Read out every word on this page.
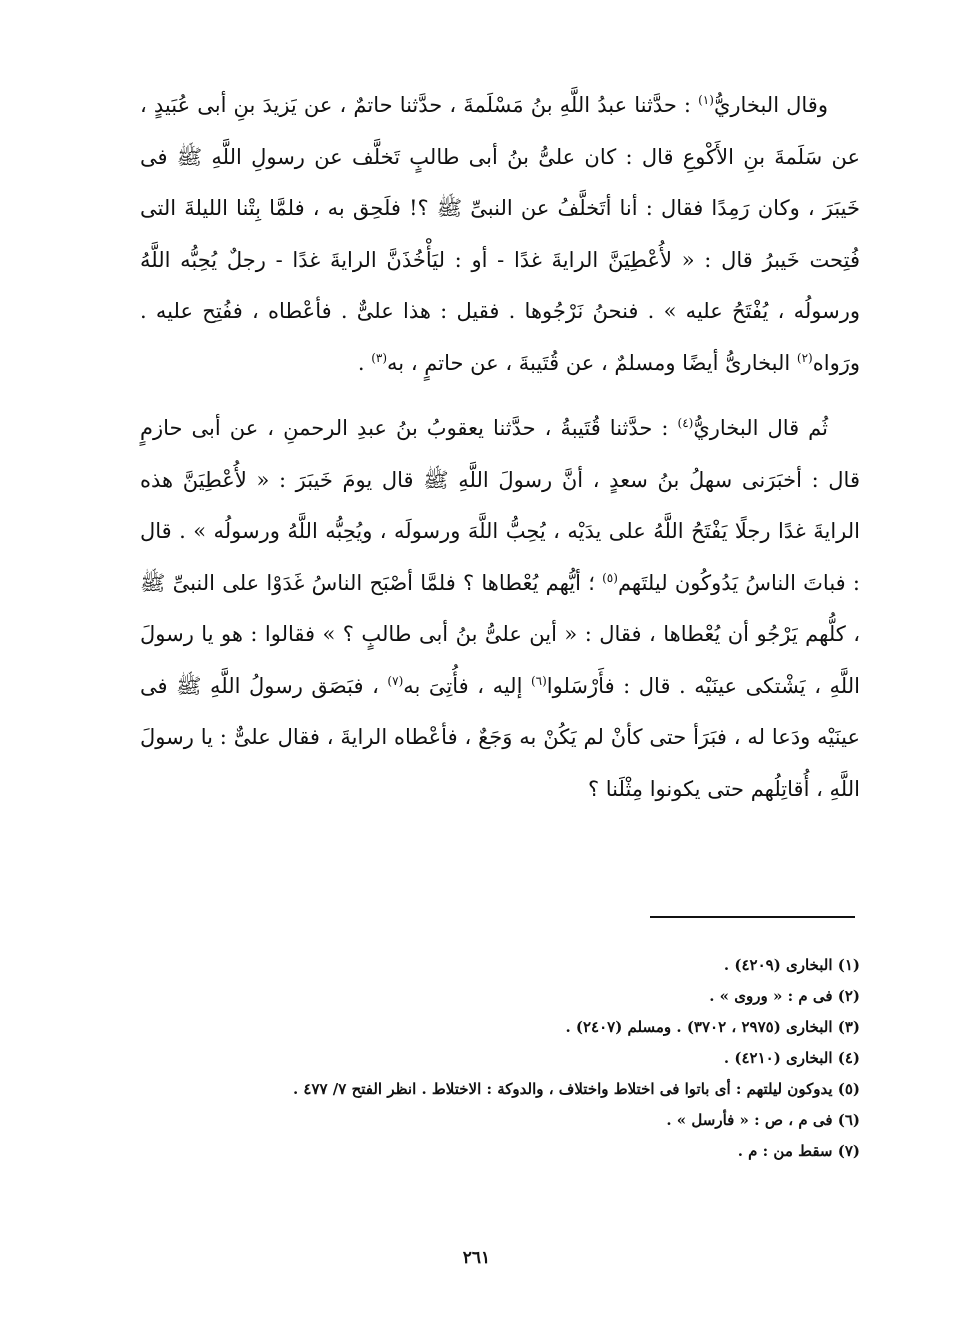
وقال البخاريُّ$^{(١)}$ : حدَّثنا عبدُ اللَّهِ بنُ مَسْلَمةَ ، حدَّثنا حاتمٌ ، عن يَزيدَ بنِ أبى عُبَيدٍ ، عن سَلَمةَ بنِ الأَكْوعِ قال : كان علىُّ بنُ أبى طالبٍ تَخلَّف عن رسولِ اللَّهِ ﷺ فى خَيبَرَ ، وكان رَمِدًا فقال : أنا أتَخلَّفُ عن النبىِّ ﷺ ؟! فلَحِق به ، فلمَّا بِتْنا الليلةَ التى فُتِحت خَيبرُ قال : « لأُعْطِيَنَّ الرايةَ غدًا - أو : ليَأْخُذَنَّ الرايةَ غدًا - رجلٌ يُحِبُّه اللَّهُ ورسولُه ، يُفْتَحُ عليه » . فنحنُ نَرْجُوها . فقيل : هذا علىٌّ . فأعْطاه ، ففُتِح عليه . ورَواه$^{(٢)}$ البخارىُّ أيضًا ومسلمٌ ، عن قُتَيبةَ ، عن حاتمٍ ، به$^{(٣)}$ .

ثُم قال البخاريُّ$^{(٤)}$ : حدَّثنا قُتَيبةُ ، حدَّثنا يعقوبُ بنُ عبدِ الرحمنِ ، عن أبى حازمٍ قال : أخبَرَنى سهلُ بنُ سعدٍ ، أنَّ رسولَ اللَّهِ ﷺ قال يومَ خَيبَرَ : « لأُعْطِيَنَّ هذه الرايةَ غدًا رجلًا يَفْتَحُ اللَّهُ على يدَيْه ، يُحِبُّ اللَّهَ ورسولَه ، ويُحِبُّه اللَّهُ ورسولُه » . قال : فباتَ الناسُ يَدُوكُون ليلتَهم$^{(٥)}$ ؛ أيُّهم يُعْطاها ؟ فلمَّا أصْبَح الناسُ غَدَوْا على النبىِّ ﷺ ، كلُّهم يَرْجُو أن يُعْطاها ، فقال : « أين علىُّ بنُ أبى طالبٍ ؟ » فقالوا : هو يا رسولَ اللَّهِ ، يَشْتكى عينَيْه . قال : فأَرْسَلوا$^{(٦)}$ إليه ، فأُتِىَ به$^{(٧)}$ ، فبَصَق رسولُ اللَّهِ ﷺ فى عينَيْه ودَعا له ، فبَرَأ حتى كأنْ لم يَكُنْ به وَجَعٌ ، فأعْطاه الرايةَ ، فقال علىٌّ : يا رسولَ اللَّهِ ، أُقاتِلُهم حتى يكونوا مِثْلَنا ؟

(١) البخارى (٤٢٠٩) .
(٢) فى م : « وروى » .
(٣) البخارى (٢٩٧٥ ، ٣٧٠٢) . ومسلم (٢٤٠٧) .
(٤) البخارى (٤٢١٠) .
(٥) يدوكون ليلتهم : أى باتوا فى اختلاط واختلاف ، والدوكة : الاختلاط . انظر الفتح ٧/ ٤٧٧ .
(٦) فى م ، ص : « فأرسل » .
(٧) سقط من : م .
٢٦١
